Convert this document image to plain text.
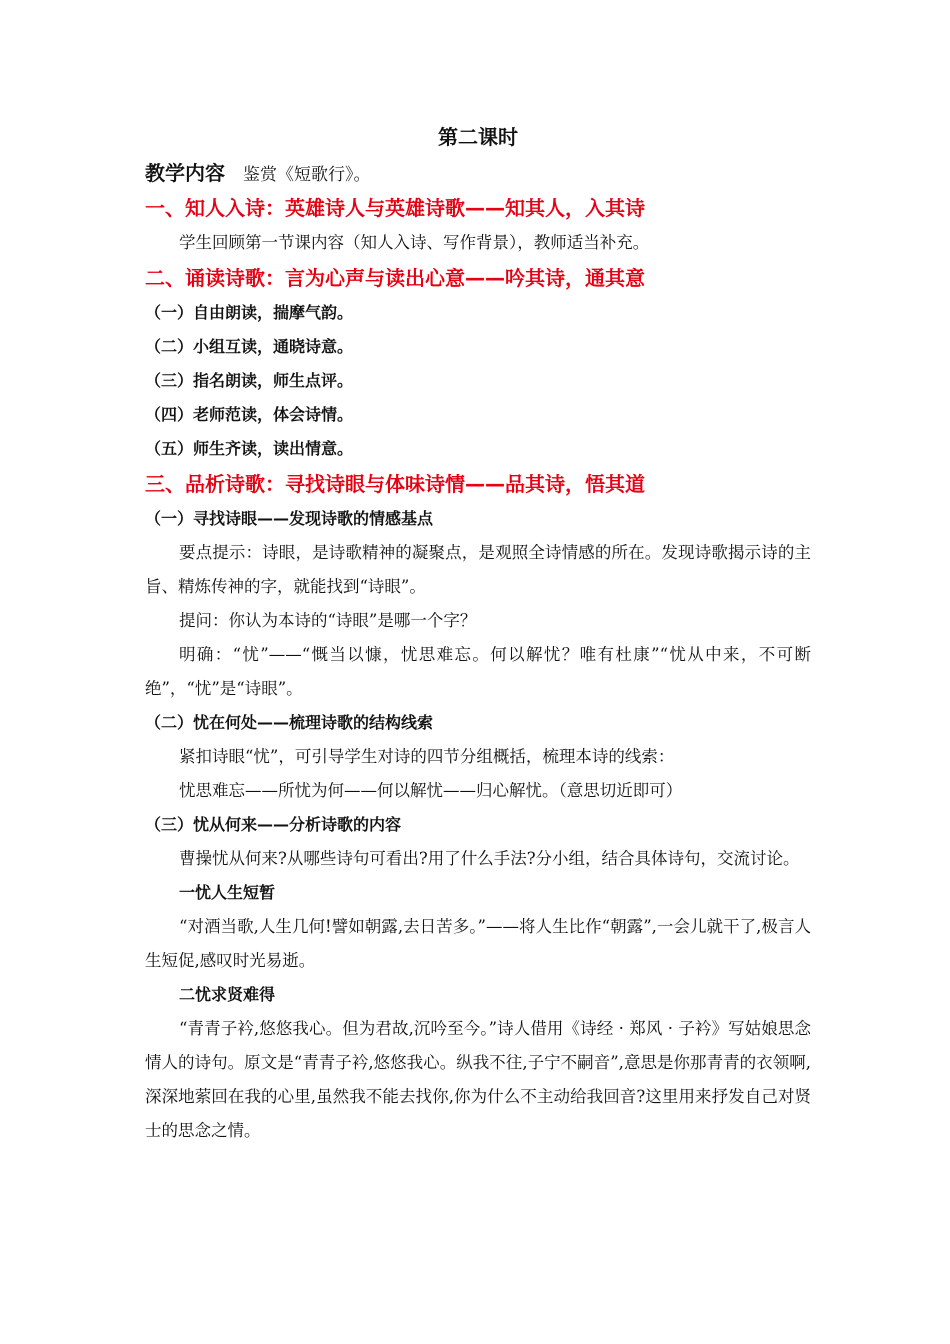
第二课时
教学内容 鉴赏《短歌行》。
一、知人入诗：英雄诗人与英雄诗歌——知其人，入其诗

学生回顾第一节课内容（知人入诗、写作背景），教师适当补充。

二、诵读诗歌：言为心声与读出心意——吟其诗，通其意
（一）自由朗读，揣摩气韵。
（二）小组互读，通晓诗意。
（三）指名朗读，师生点评。
（四）老师范读，体会诗情。
（五）师生齐读，读出情意。
三、品析诗歌：寻找诗眼与体味诗情——品其诗，悟其道
（一）寻找诗眼——发现诗歌的情感基点

要点提示：诗眼，是诗歌精神的凝聚点，是观照全诗情感的所在。发现诗歌揭示诗的主旨、精炼传神的字，就能找到“诗眼”。

提问：你认为本诗的“诗眼”是哪一个字？

明确：“忧”——“慨当以慷，忧思难忘。何以解忧？唯有杜康”“忧从中来，不可断绝”，“忧”是“诗眼”。

（二）忧在何处——梳理诗歌的结构线索

紧扣诗眼“忧”，可引导学生对诗的四节分组概括，梳理本诗的线索：

忧思难忘——所忧为何——何以解忧——归心解忧。（意思切近即可）

（三）忧从何来——分析诗歌的内容

曹操忧从何来?从哪些诗句可看出?用了什么手法?分小组，结合具体诗句，交流讨论。

一忧人生短暂

“对酒当歌,人生几何!譬如朝露,去日苦多。”——将人生比作“朝露”,一会儿就干了,极言人生短促,感叹时光易逝。

二忧求贤难得

“青青子衿,悠悠我心。但为君故,沉吟至今。”诗人借用《诗经 · 郑风 · 子衿》写姑娘思念情人的诗句。原文是“青青子衿,悠悠我心。纵我不往,子宁不嗣音”,意思是你那青青的衣领啊,深深地萦回在我的心里,虽然我不能去找你,你为什么不主动给我回音?这里用来抒发自己对贤士的思念之情。
